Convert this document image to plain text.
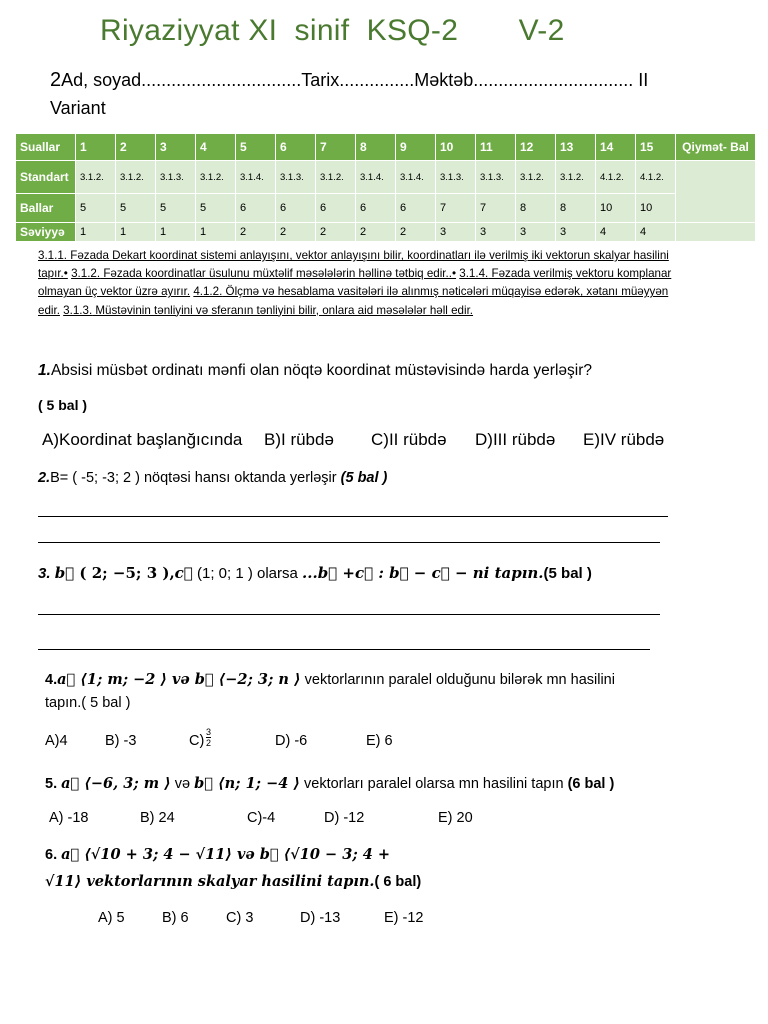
Riyaziyyat XI  sinif  KSQ-2       V-2
2Ad, soyad................................Tarix...............Məktəb................................ II Variant
Suallar	1	2	3	4	5	6	7	8	9	10	11	12	13	14	15	Qiymət- Bal
Standart	3.1.2.	3.1.2.	3.1.3.	3.1.2.	3.1.4.	3.1.3.	3.1.2.	3.1.4.	3.1.4.	3.1.3.	3.1.3.	3.1.2.	3.1.2.	4.1.2.	4.1.2.	
Ballar	5	5	5	5	6	6	6	6	6	7	7	8	8	10	10	
Səviyyə	1	1	1	1	2	2	2	2	2	3	3	3	3	4	4	
3.1.1. Fəzada Dekart koordinat sistemi anlayışını, vektor anlayışını bilir, koordinatları ilə verilmiş iki vektorun skalyar hasilini tapır.• 3.1.2. Fəzada koordinatlar üsulunu müxtəlif məsələlərin həllinə tətbiq edir..• 3.1.4. Fəzada verilmiş vektoru komplanar olmayan üç vektor üzrə ayırır. 4.1.2. Ölçmə və hesablama vasitələri ilə alınmış nəticələri müqayisə edərək, xətanı müəyyən edir. 3.1.3. Müstəvinin tənliyini və sferanın tənliyini bilir, onlara aid məsələlər həll edir.
1.Absisi müsbət ordinatı mənfi olan nöqtə koordinat müstəvisində harda yerləşir?
( 5 bal )
A)Koordinat başlanğıcında B)I rübdə C)II rübdə D)III rübdə E)IV rübdə
2.B= ( -5; -3; 2 ) nöqtəsi hansı oktanda yerləşir (5 bal )
3. b⃗ ( 2; −5; 3 ),c⃗ (1; 0; 1 ) olarsa ...b⃗ +c⃗ : b⃗ − c⃗ − ni tapın.(5 bal )
4.a⃗ ⟨1; m; −2 ⟩ və b⃗ ⟨−2; 3; n ⟩ vektorlarının paralel olduğunu bilərək mn hasilini
tapın.( 5 bal )
A)4	B) -3	$C) \frac{3}{2}$	D) -6	E) 6
5. a⃗ ⟨−6, 3; m ⟩ və b⃗ ⟨n; 1; −4 ⟩ vektorları paralel olarsa mn hasilini tapın (6 bal )
A) -18	B) 24	C)-4	D) -12	E) 20
6. a⃗ ⟨√10 + 3; 4 − √11⟩ və b⃗ ⟨√10 − 3; 4 +
√11⟩ vektorlarının skalyar hasilini tapın.( 6 bal)
A) 5	B) 6	C) 3	D) -13	E) -12
